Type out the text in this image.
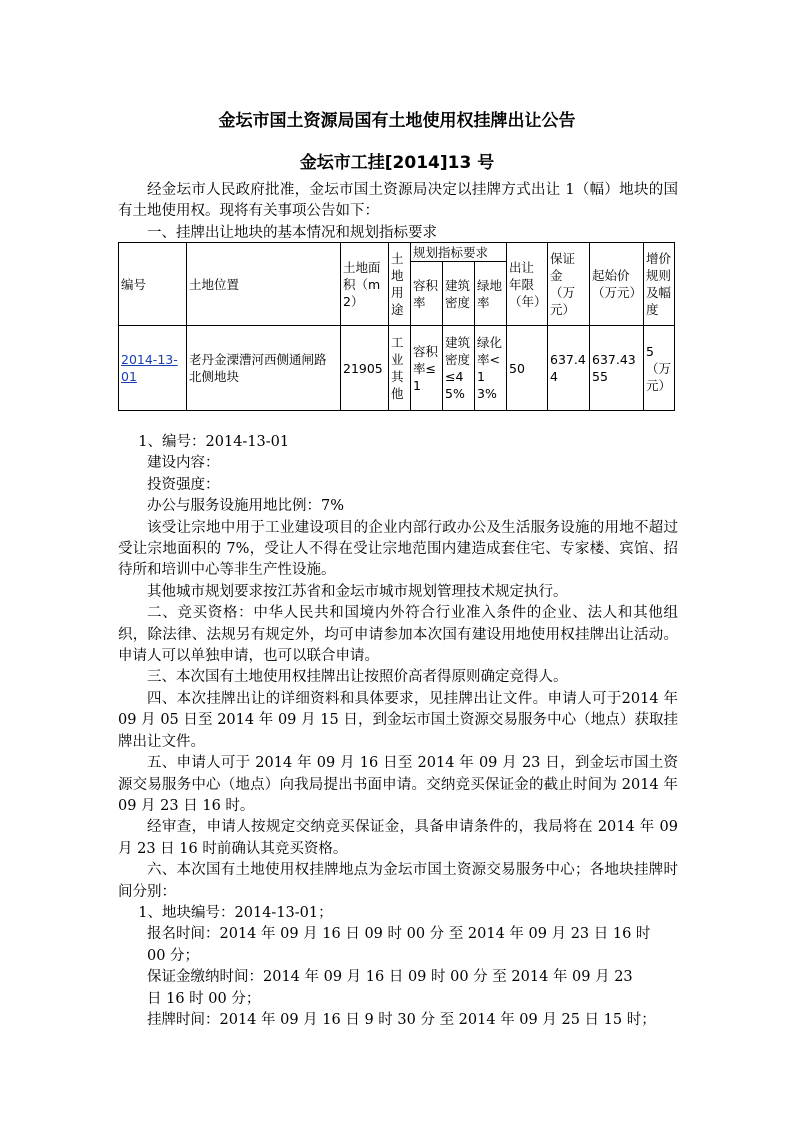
金坛市国土资源局国有土地使用权挂牌出让公告
金坛市工挂[2014]13 号

经金坛市人民政府批准，金坛市国土资源局决定以挂牌方式出让 1（幅）地块的国有土地使用权。现将有关事项公告如下：

一、挂牌出让地块的基本情况和规划指标要求

编号	土地位置	土地面积（m2）	土地用途	规划指标要求			出让年限（年）	保证金（万元）	起始价（万元）	增价规则及幅度
				容积率	建筑密度	绿地率				
2014-13-01	老丹金溧漕河西侧通闸路北侧地块	21905	工业其他	容积率≤1	建筑密度≤45%	绿化率<13%	50	637.44	637.4355	5（万元）

1、编号：2014-13-01

建设内容：

投资强度：

办公与服务设施用地比例：7%

该受让宗地中用于工业建设项目的企业内部行政办公及生活服务设施的用地不超过受让宗地面积的 7%，受让人不得在受让宗地范围内建造成套住宅、专家楼、宾馆、招待所和培训中心等非生产性设施。

其他城市规划要求按江苏省和金坛市城市规划管理技术规定执行。

二、竞买资格：中华人民共和国境内外符合行业准入条件的企业、法人和其他组织，除法律、法规另有规定外，均可申请参加本次国有建设用地使用权挂牌出让活动。申请人可以单独申请，也可以联合申请。

三、本次国有土地使用权挂牌出让按照价高者得原则确定竞得人。

四、本次挂牌出让的详细资料和具体要求，见挂牌出让文件。申请人可于2014 年 09 月 05 日至 2014 年 09 月 15 日，到金坛市国土资源交易服务中心（地点）获取挂牌出让文件。

五、申请人可于 2014 年 09 月 16 日至 2014 年 09 月 23 日，到金坛市国土资源交易服务中心（地点）向我局提出书面申请。交纳竞买保证金的截止时间为 2014 年 09 月 23 日 16 时。

经审查，申请人按规定交纳竞买保证金，具备申请条件的，我局将在 2014 年 09 月 23 日 16 时前确认其竞买资格。

六、本次国有土地使用权挂牌地点为金坛市国土资源交易服务中心；各地块挂牌时间分别：

1、地块编号：2014-13-01；

报名时间：2014 年 09 月 16 日 09 时 00 分 至 2014 年 09 月 23 日 16 时

00 分；

保证金缴纳时间：2014 年 09 月 16 日 09 时 00 分 至 2014 年 09 月 23

日 16 时 00 分；

挂牌时间：2014 年 09 月 16 日 9 时 30 分 至 2014 年 09 月 25 日 15 时；
